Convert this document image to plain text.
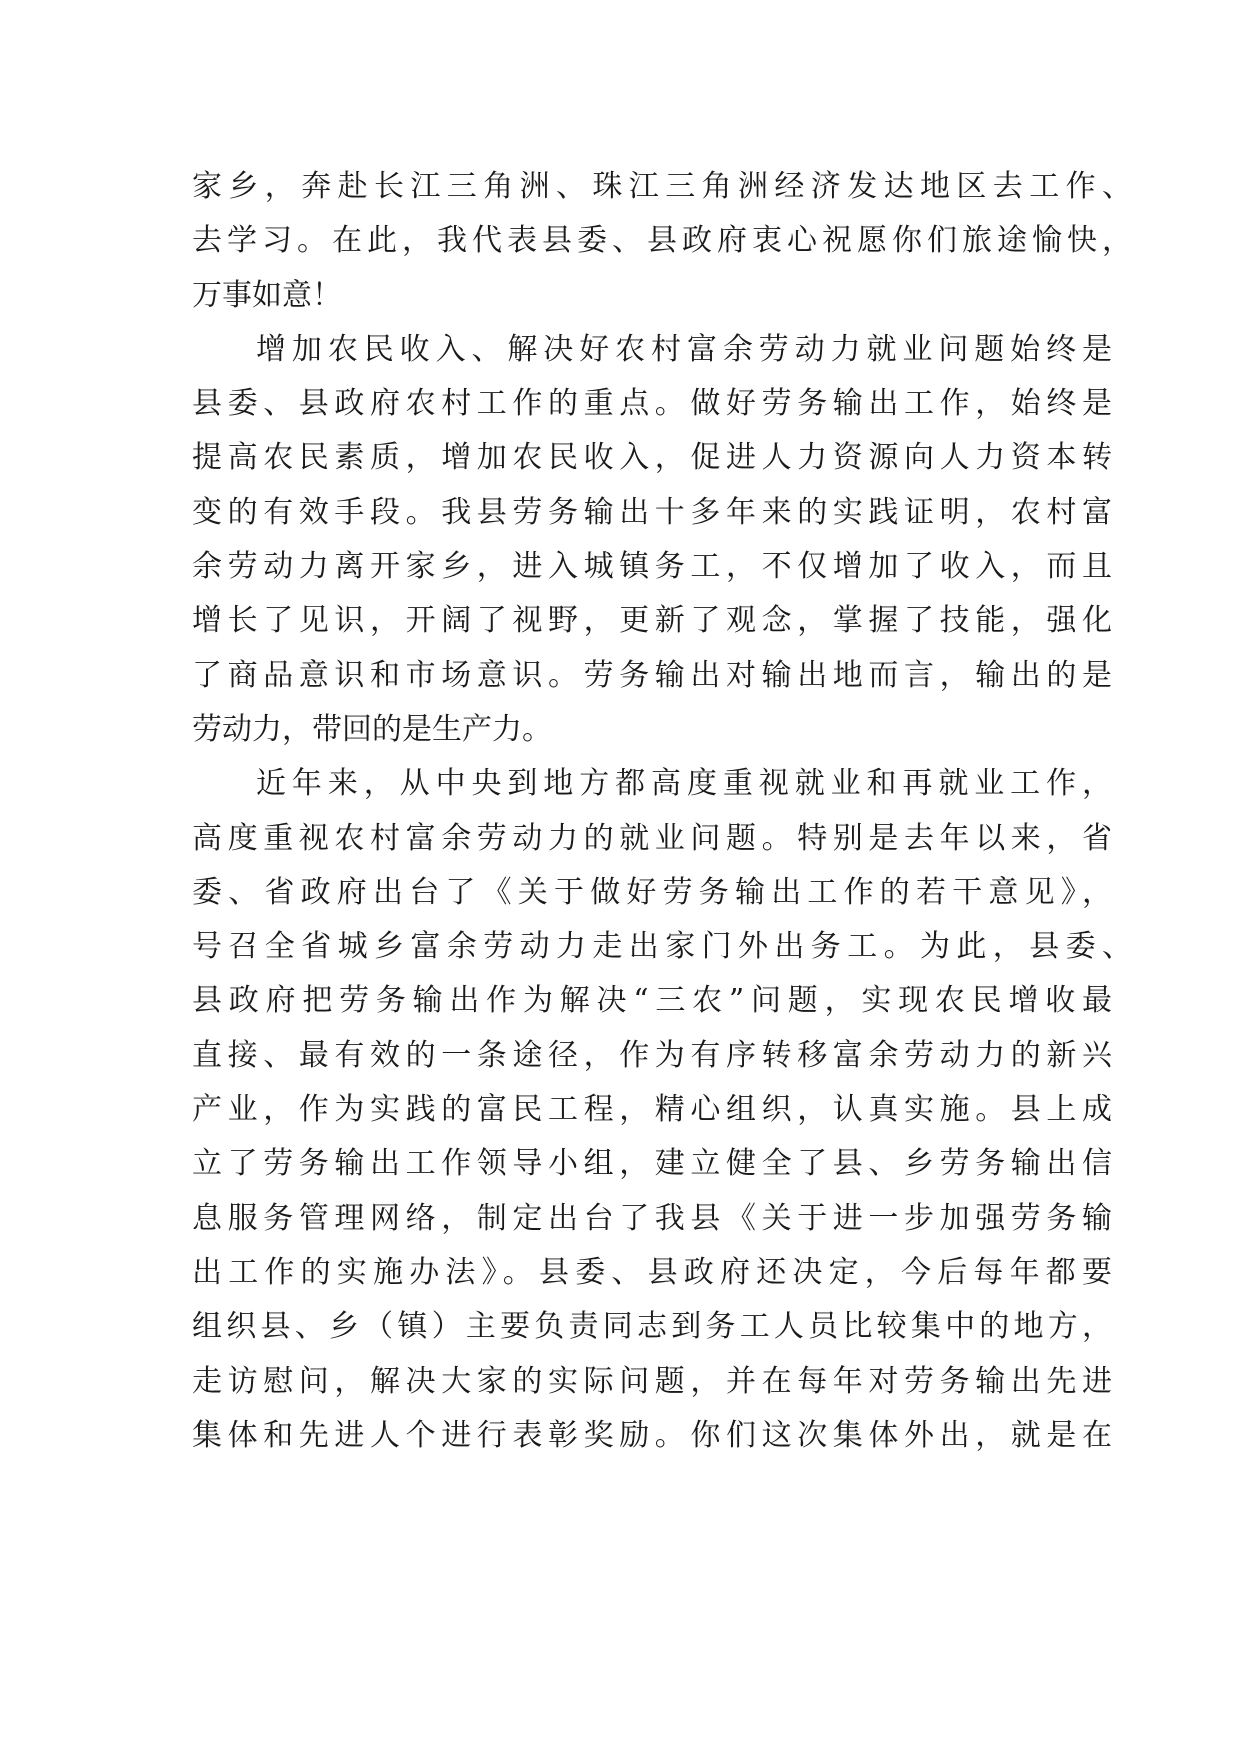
家乡，奔赴长江三角洲、珠江三角洲经济发达地区去工作、
去学习。在此，我代表县委、县政府衷心祝愿你们旅途愉快，
万事如意！
增加农民收入、解决好农村富余劳动力就业问题始终是
县委、县政府农村工作的重点。做好劳务输出工作，始终是
提高农民素质，增加农民收入，促进人力资源向人力资本转
变的有效手段。我县劳务输出十多年来的实践证明，农村富
余劳动力离开家乡，进入城镇务工，不仅增加了收入，而且
增长了见识，开阔了视野，更新了观念，掌握了技能，强化
了商品意识和市场意识。劳务输出对输出地而言，输出的是
劳动力，带回的是生产力。
近年来，从中央到地方都高度重视就业和再就业工作，
高度重视农村富余劳动力的就业问题。特别是去年以来，省
委、省政府出台了《关于做好劳务输出工作的若干意见》，
号召全省城乡富余劳动力走出家门外出务工。为此，县委、
县政府把劳务输出作为解决“三农”问题，实现农民增收最
直接、最有效的一条途径，作为有序转移富余劳动力的新兴
产业，作为实践的富民工程，精心组织，认真实施。县上成
立了劳务输出工作领导小组，建立健全了县、乡劳务输出信
息服务管理网络，制定出台了我县《关于进一步加强劳务输
出工作的实施办法》。县委、县政府还决定，今后每年都要
组织县、乡（镇）主要负责同志到务工人员比较集中的地方，
走访慰问，解决大家的实际问题，并在每年对劳务输出先进
集体和先进人个进行表彰奖励。你们这次集体外出，就是在
